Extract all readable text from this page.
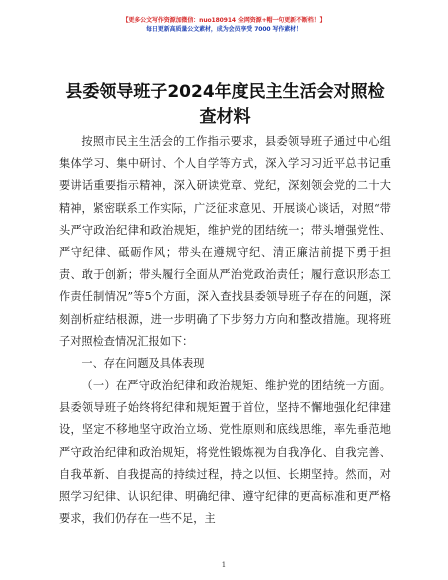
【更多公文写作资源加微信：nuo180914 全网资源+帽一句更新不断档！】
每日更新高质量公文素材，成为会员享受 7000 写作素材！
县委领导班子2024年度民主生活会对照检查材料

按照市民主生活会的工作指示要求，县委领导班子通过中心组集体学习、集中研讨、个人自学等方式，深入学习习近平总书记重要讲话重要指示精神，深入研读党章、党纪，深刻领会党的二十大精神，紧密联系工作实际，广泛征求意见、开展谈心谈话，对照“带头严守政治纪律和政治规矩，维护党的团结统一；带头增强党性、严守纪律、砥砺作风；带头在遵规守纪、清正廉洁前提下勇于担责、敢于创新；带头履行全面从严治党政治责任；履行意识形态工作责任制情况”等5个方面，深入查找县委领导班子存在的问题，深刻剖析症结根源，进一步明确了下步努力方向和整改措施。现将班子对照检查情况汇报如下：

一、存在问题及具体表现

（一）在严守政治纪律和政治规矩、维护党的团结统一方面。县委领导班子始终将纪律和规矩置于首位，坚持不懈地强化纪律建设，坚定不移地坚守政治立场、党性原则和底线思维，率先垂范地严守政治纪律和政治规矩，将党性锻炼视为自我净化、自我完善、自我革新、自我提高的持续过程，持之以恒、长期坚持。然而，对照学习纪律、认识纪律、明确纪律、遵守纪律的更高标准和更严格要求，我们仍存在一些不足，主

1
